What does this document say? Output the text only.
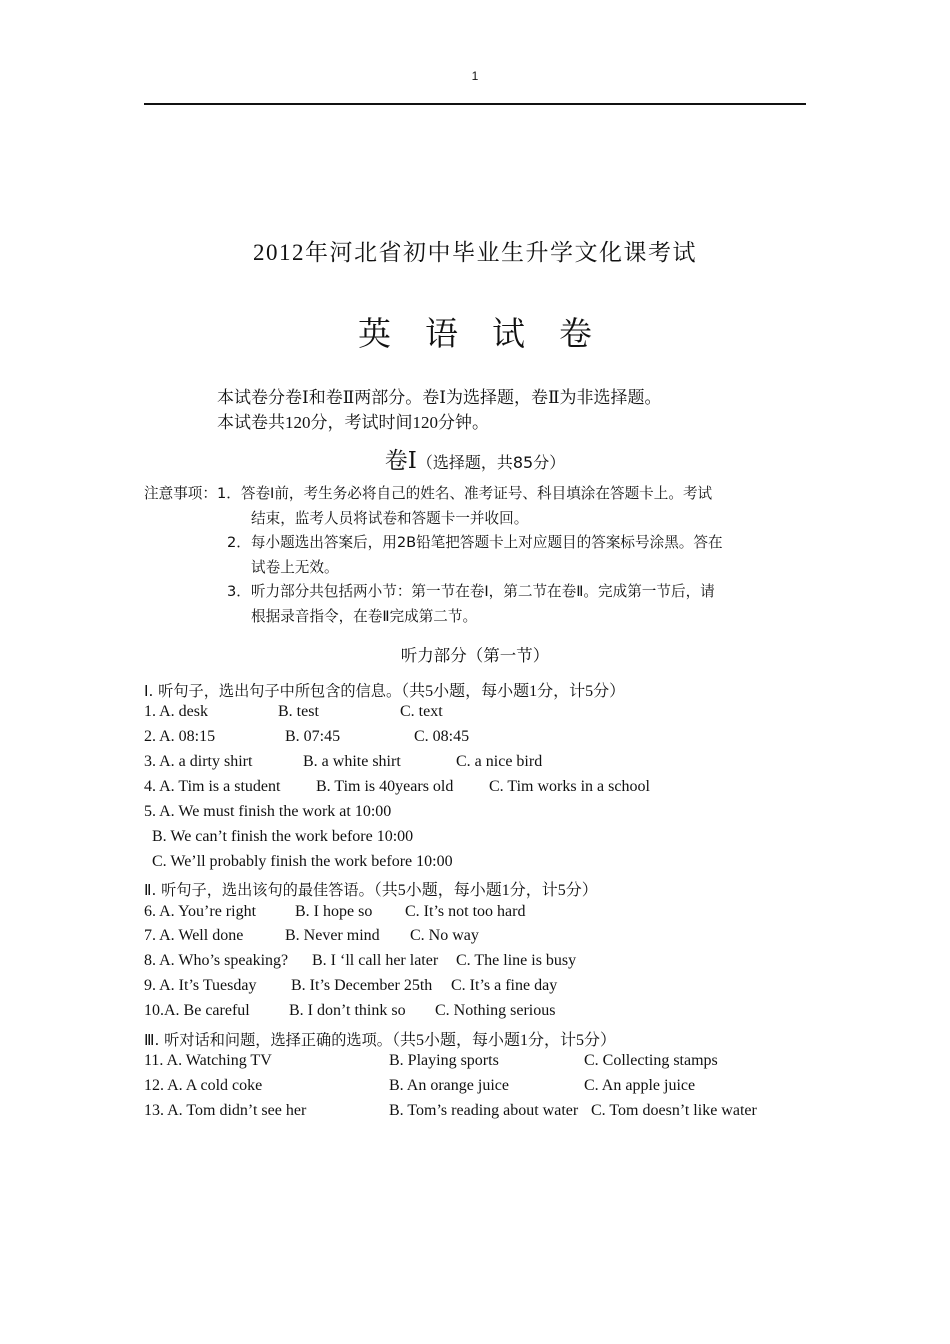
1
2012年河北省初中毕业生升学文化课考试
英语试卷
本试卷分卷Ⅰ和卷Ⅱ两部分。卷Ⅰ为选择题，卷Ⅱ为非选择题。
本试卷共120分，考试时间120分钟。
卷Ⅰ（选择题，共85分）
注意事项：1．答卷Ⅰ前，考生务必将自己的姓名、准考证号、科目填涂在答题卡上。考试
结束，监考人员将试卷和答题卡一并收回。
2．每小题选出答案后，用2B铅笔把答题卡上对应题目的答案标号涂黑。答在
试卷上无效。
3．听力部分共包括两小节：第一节在卷Ⅰ，第二节在卷Ⅱ。完成第一节后，请
根据录音指令，在卷Ⅱ完成第二节。
听力部分（第一节）
Ⅰ. 听句子，选出句子中所包含的信息。（共5小题，每小题1分，计5分）
1. A. desk	B. test	C. text
2. A. 08:15	B. 07:45	C. 08:45
3. A. a dirty shirt	B. a white shirt	C. a nice bird
4. A. Tim is a student B. Tim is 40years old C. Tim works in a school
5. A. We must finish the work at 10:00
B. We can’t finish the work before 10:00
C. We’ll probably finish the work before 10:00
Ⅱ. 听句子，选出该句的最佳答语。（共5小题，每小题1分，计5分）
6. A. You’re right B. I hope so C. It’s not too hard
7. A. Well done	B. Never mind C. No way
8. A. Who’s speaking? B. I ‘ll call her later C. The line is busy
9. A. It’s Tuesday B. It’s December 25th C. It’s a fine day
10.A. Be careful B. I don’t think so C. Nothing serious
Ⅲ. 听对话和问题，选择正确的选项。（共5小题，每小题1分，计5分）
11. A. Watching TV	B. Playing sports	C. Collecting stamps
12. A. A cold coke	B. An orange juice	C. An apple juice
13. A. Tom didn’t see her	B. Tom’s reading about water C. Tom doesn’t like water
